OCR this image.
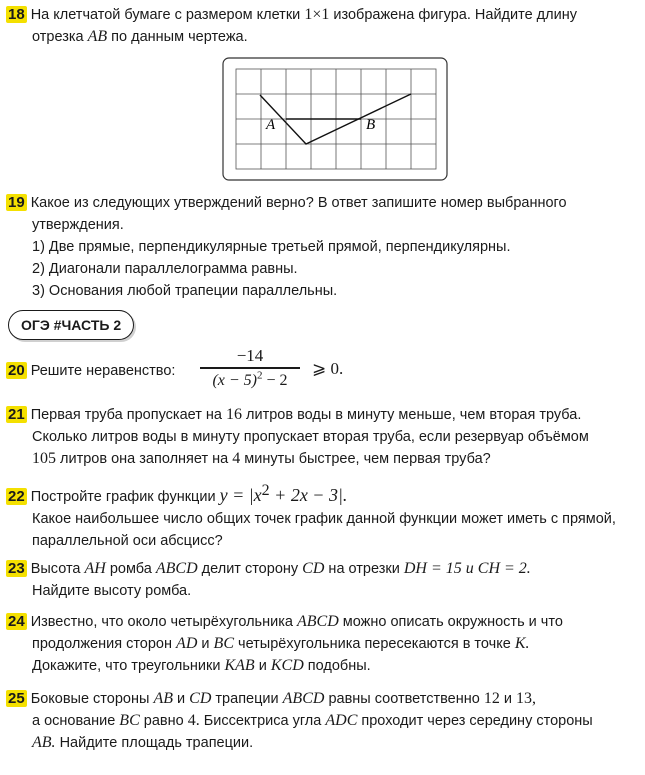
18 На клетчатой бумаге с размером клетки 1×1 изображена фигура. Найдите длину
отрезка AB по данным чертежа.
A	B
19 Какое из следующих утверждений верно? В ответ запишите номер выбранного

утверждения.
1) Две прямые, перпендикулярные третьей прямой, перпендикулярны.
2) Диагонали параллелограмма равны.
3) Основания любой трапеции параллельны.
ОГЭ #ЧАСТЬ 2
20 Решите неравенство:
−14
$(x - 5)^2 - 2$
⩾ 0.
21 Первая труба пропускает на 16 литров воды в минуту меньше, чем вторая труба.

Сколько литров воды в минуту пропускает вторая труба, если резервуар объёмом
105 литров она заполняет на 4 минуты быстрее, чем первая труба?
22 Постройте график функции $y = |x^2 + 2x - 3|$.

Какое наибольшее число общих точек график данной функции может иметь с прямой,
параллельной оси абсцисс?
23 Высота AH ромба ABCD делит сторону CD на отрезки DH = 15 и CH = 2.

Найдите высоту ромба.
24 Известно, что около четырёхугольника ABCD можно описать окружность и что

продолжения сторон AD и BC четырёхугольника пересекаются в точке K.
Докажите, что треугольники KAB и KCD подобны.
25 Боковые стороны AB и CD трапеции ABCD равны соответственно 12 и 13,

а основание BC равно 4. Биссектриса угла ADC проходит через середину стороны
AB. Найдите площадь трапеции.
